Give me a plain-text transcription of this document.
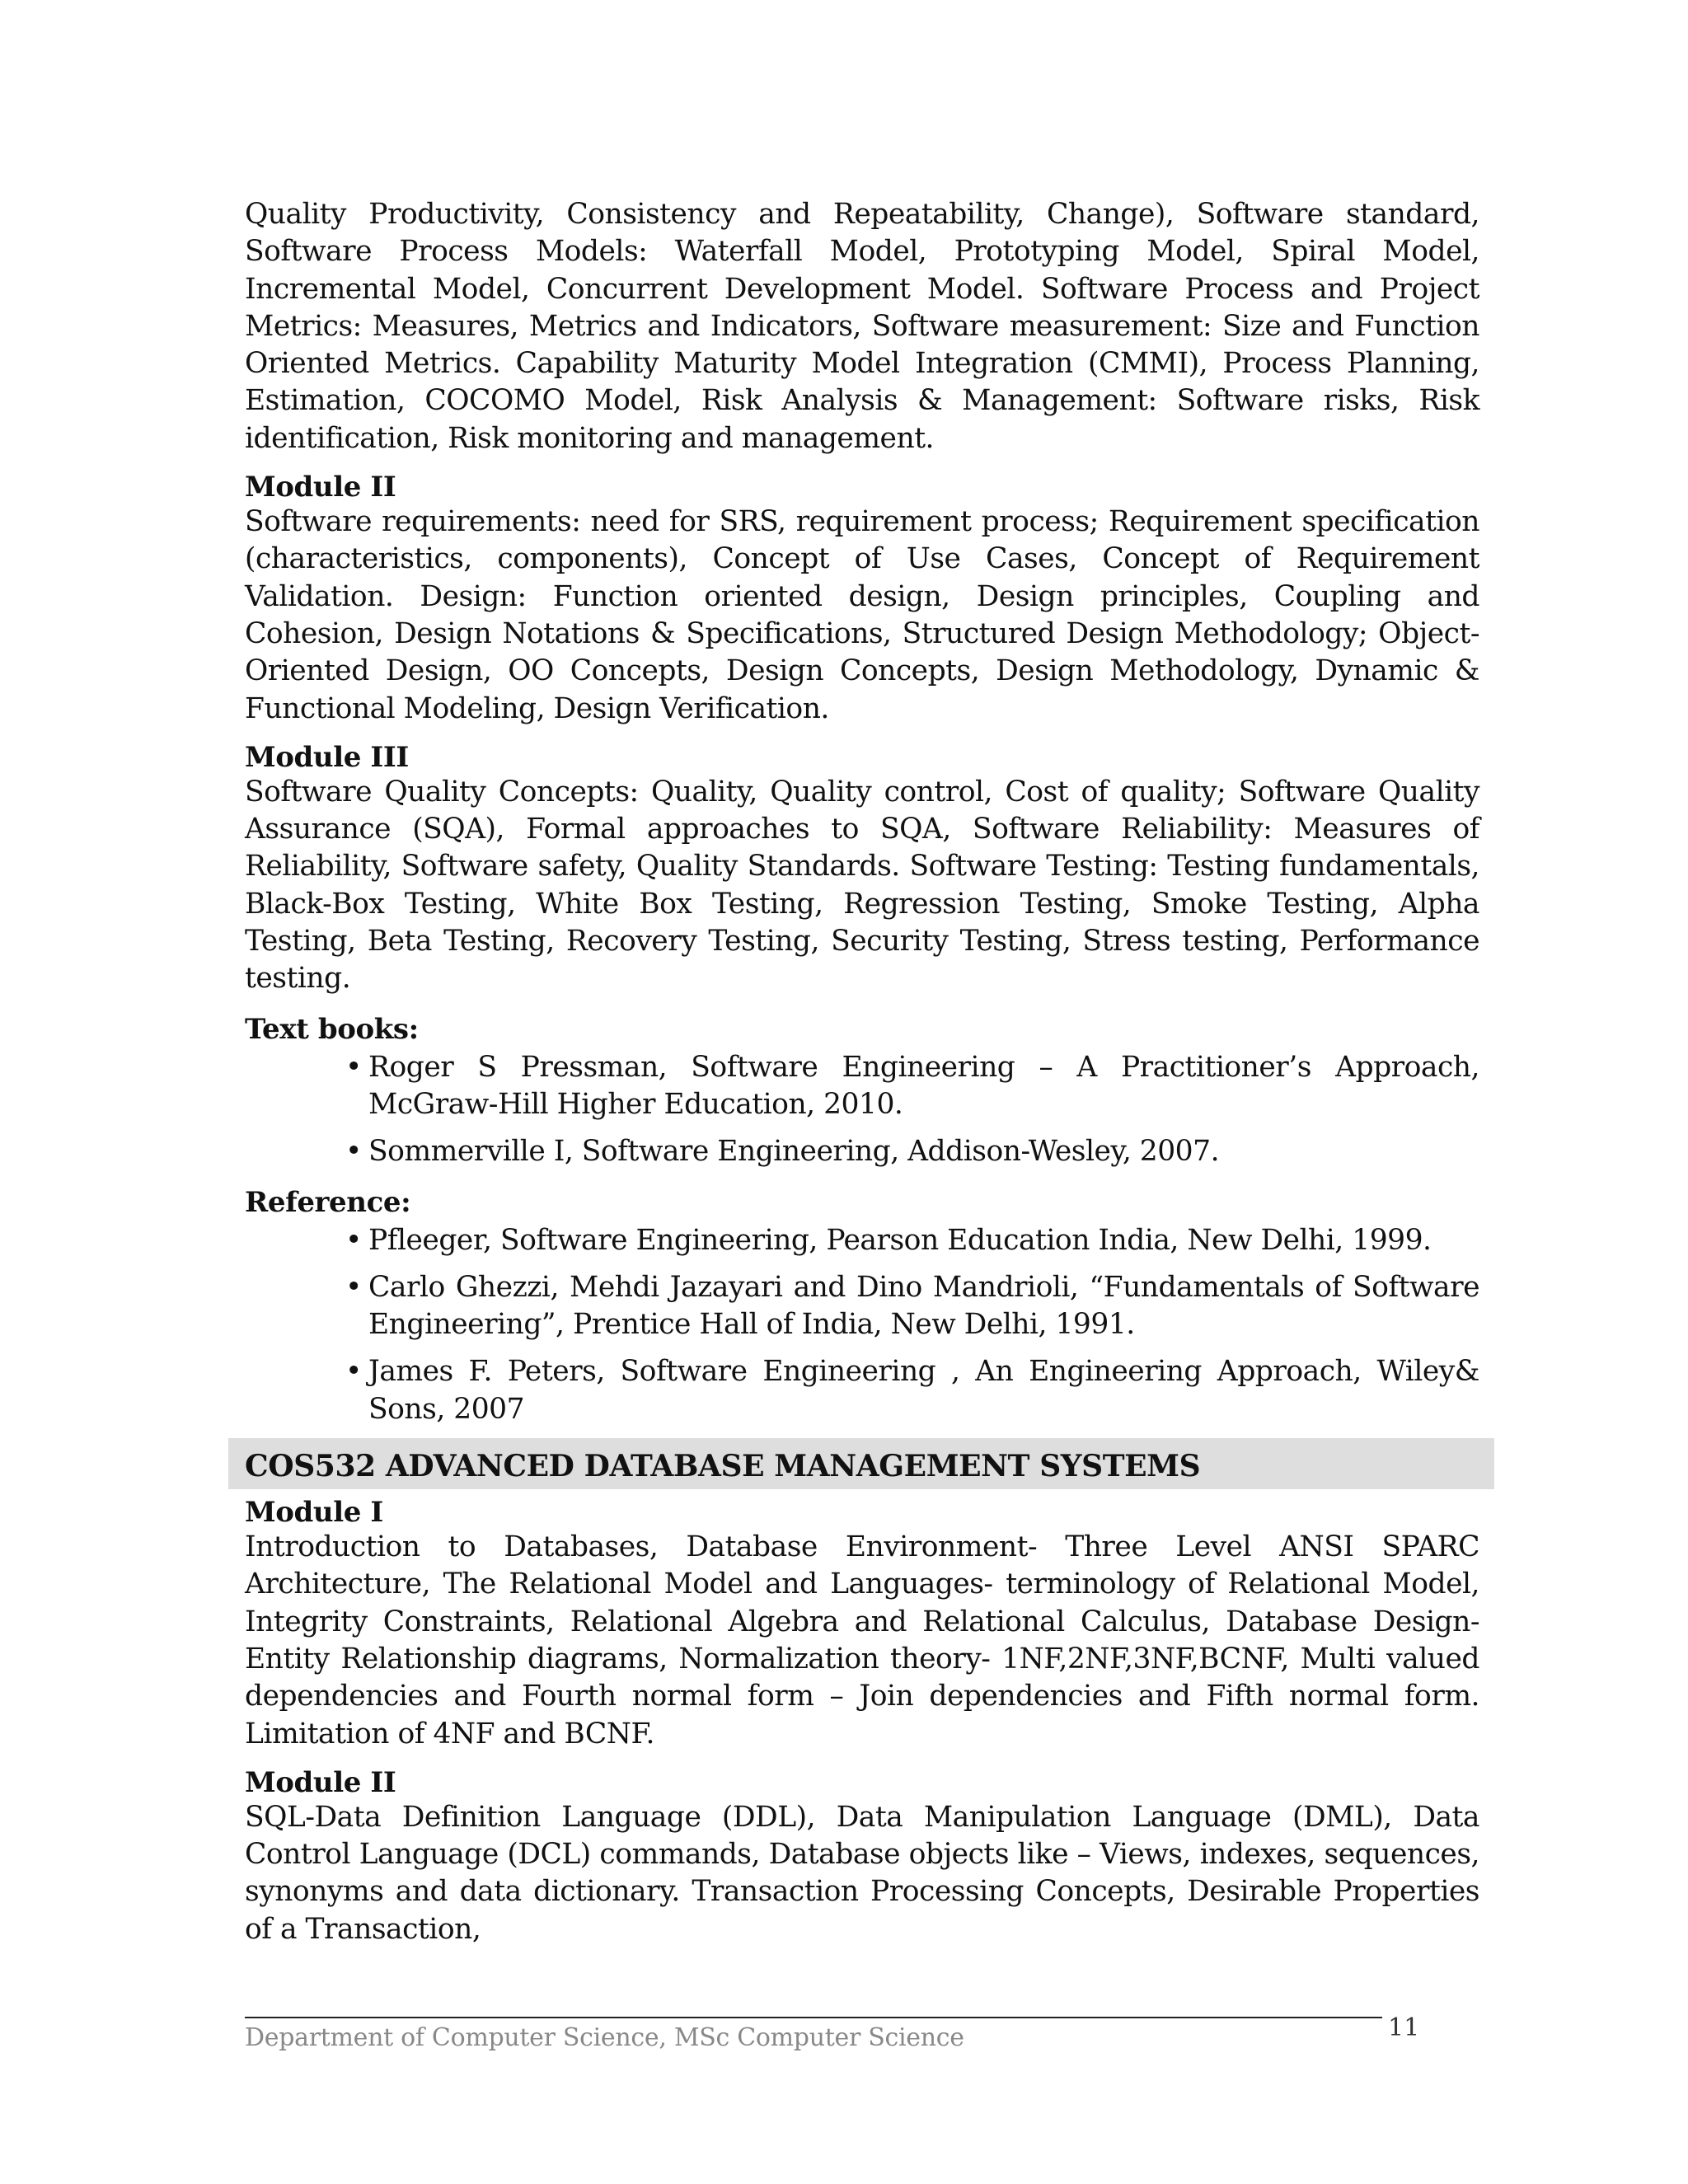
Quality Productivity, Consistency and Repeatability, Change), Software standard, Software Process Models: Waterfall Model, Prototyping Model, Spiral Model, Incremental Model, Concurrent Development Model. Software Process and Project Metrics: Measures, Metrics and Indicators, Software measurement: Size and Function Oriented Metrics. Capability Maturity Model Integration (CMMI), Process Planning, Estimation, COCOMO Model, Risk Analysis & Management: Software risks, Risk identification, Risk monitoring and management.

Module II

Software requirements: need for SRS, requirement process; Requirement specification (characteristics, components), Concept of Use Cases, Concept of Requirement Validation. Design: Function oriented design, Design principles, Coupling and Cohesion, Design Notations & Specifications, Structured Design Methodology; Object-Oriented Design, OO Concepts, Design Concepts, Design Methodology, Dynamic & Functional Modeling, Design Verification.

Module III

Software Quality Concepts: Quality, Quality control, Cost of quality; Software Quality Assurance (SQA), Formal approaches to SQA, Software Reliability: Measures of Reliability, Software safety, Quality Standards. Software Testing: Testing fundamentals, Black-Box Testing, White Box Testing, Regression Testing, Smoke Testing, Alpha Testing, Beta Testing, Recovery Testing, Security Testing, Stress testing, Performance testing.

Text books:

• Roger S Pressman, Software Engineering – A Practitioner’s Approach, McGraw-Hill Higher Education, 2010.
• Sommerville I, Software Engineering, Addison-Wesley, 2007.

Reference:

• Pfleeger, Software Engineering, Pearson Education India, New Delhi, 1999.
• Carlo Ghezzi, Mehdi Jazayari and Dino Mandrioli, “Fundamentals of Software Engineering”, Prentice Hall of India, New Delhi, 1991.
• James F. Peters, Software Engineering , An Engineering Approach, Wiley& Sons, 2007
COS532 ADVANCED DATABASE MANAGEMENT SYSTEMS

Module I

Introduction to Databases, Database Environment- Three Level ANSI SPARC Architecture, The Relational Model and Languages- terminology of Relational Model, Integrity Constraints, Relational Algebra and Relational Calculus, Database Design-Entity Relationship diagrams, Normalization theory- 1NF,2NF,3NF,BCNF, Multi valued dependencies and Fourth normal form – Join dependencies and Fifth normal form. Limitation of 4NF and BCNF.

Module II

SQL-Data Definition Language (DDL), Data Manipulation Language (DML), Data Control Language (DCL) commands, Database objects like – Views, indexes, sequences, synonyms and data dictionary. Transaction Processing Concepts, Desirable Properties of a Transaction,

Department of Computer Science, MSc Computer Science	11
